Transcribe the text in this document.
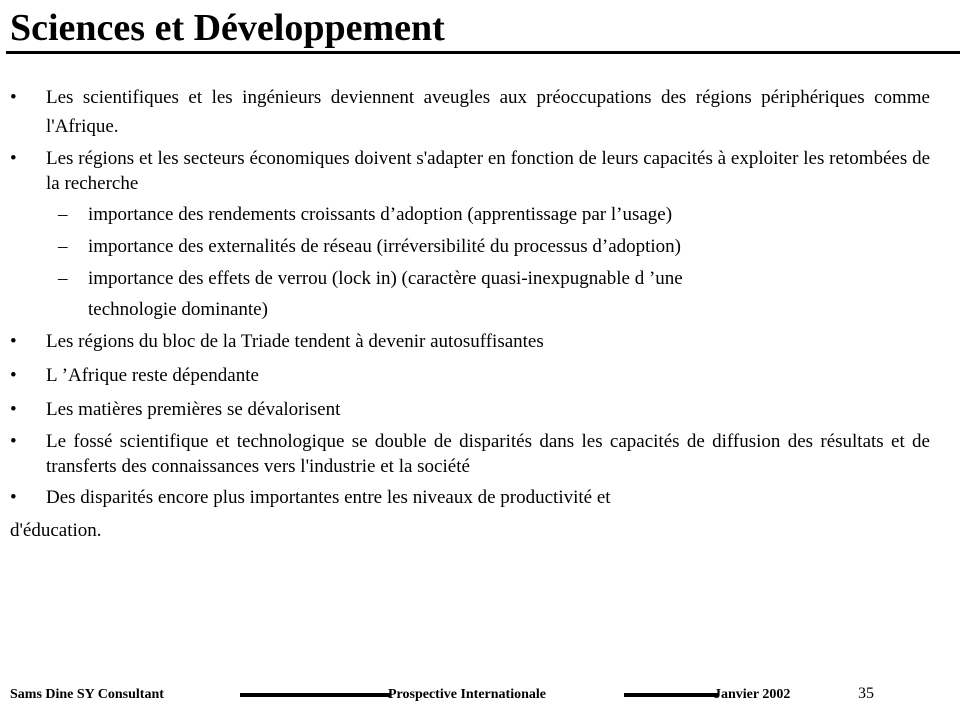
Sciences et Développement
• Les scientifiques et les ingénieurs deviennent aveugles aux préoccupations des régions périphériques comme l'Afrique.
• Les régions et les secteurs économiques doivent s'adapter en fonction de leurs capacités à exploiter les retombées de la recherche
– importance des rendements croissants d’adoption (apprentissage par l’usage)
– importance des externalités de réseau (irréversibilité du processus d’adoption)
– importance des effets de verrou (lock in) (caractère quasi-inexpugnable d ’une
technologie dominante)
• Les régions du bloc de la Triade tendent à devenir autosuffisantes
• L ’Afrique reste dépendante
• Les matières premières se dévalorisent
• Le fossé scientifique et technologique se double de disparités dans les capacités de diffusion des résultats et de transferts des connaissances vers l'industrie et la société
• Des disparités encore plus importantes entre les niveaux de productivité et
d'éducation.
Sams Dine SY Consultant	Prospective Internationale	Janvier 2002	35
